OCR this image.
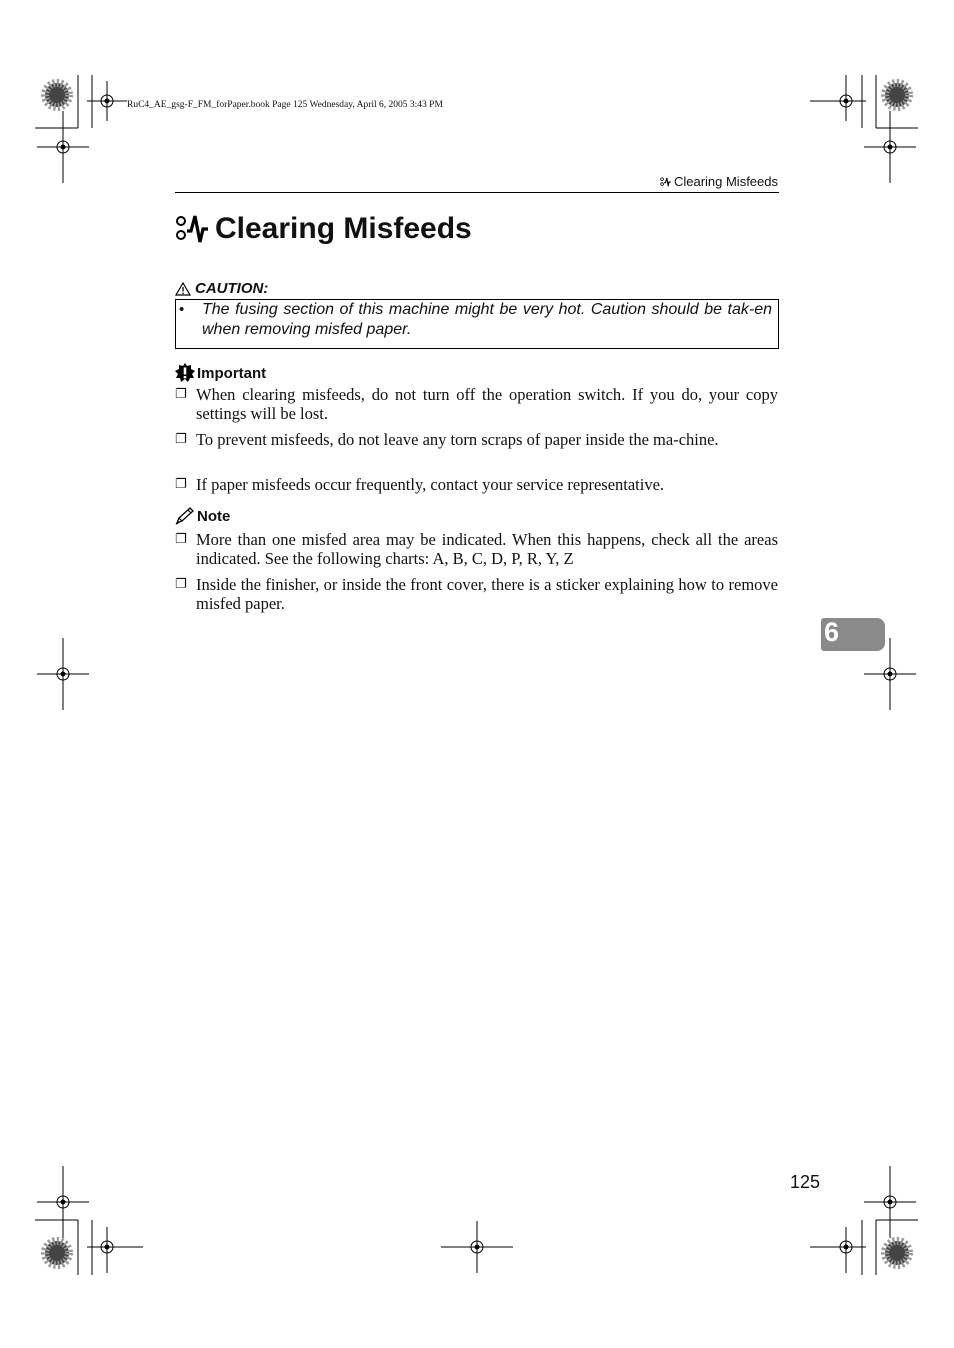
RuC4_AE_gsg-F_FM_forPaper.book Page 125 Wednesday, April 6, 2005 3:43 PM
Clearing Misfeeds
Clearing Misfeeds
CAUTION:
• The fusing section of this machine might be very hot. Caution should be tak-en when removing misfed paper.
Important
❐ When clearing misfeeds, do not turn off the operation switch. If you do, your copy settings will be lost.
❐ To prevent misfeeds, do not leave any torn scraps of paper inside the ma-chine.
❐ If paper misfeeds occur frequently, contact your service representative.
Note
❐ More than one misfed area may be indicated. When this happens, check all the areas indicated. See the following charts: A, B, C, D, P, R, Y, Z
❐ Inside the finisher, or inside the front cover, there is a sticker explaining how to remove misfed paper.
6
125
